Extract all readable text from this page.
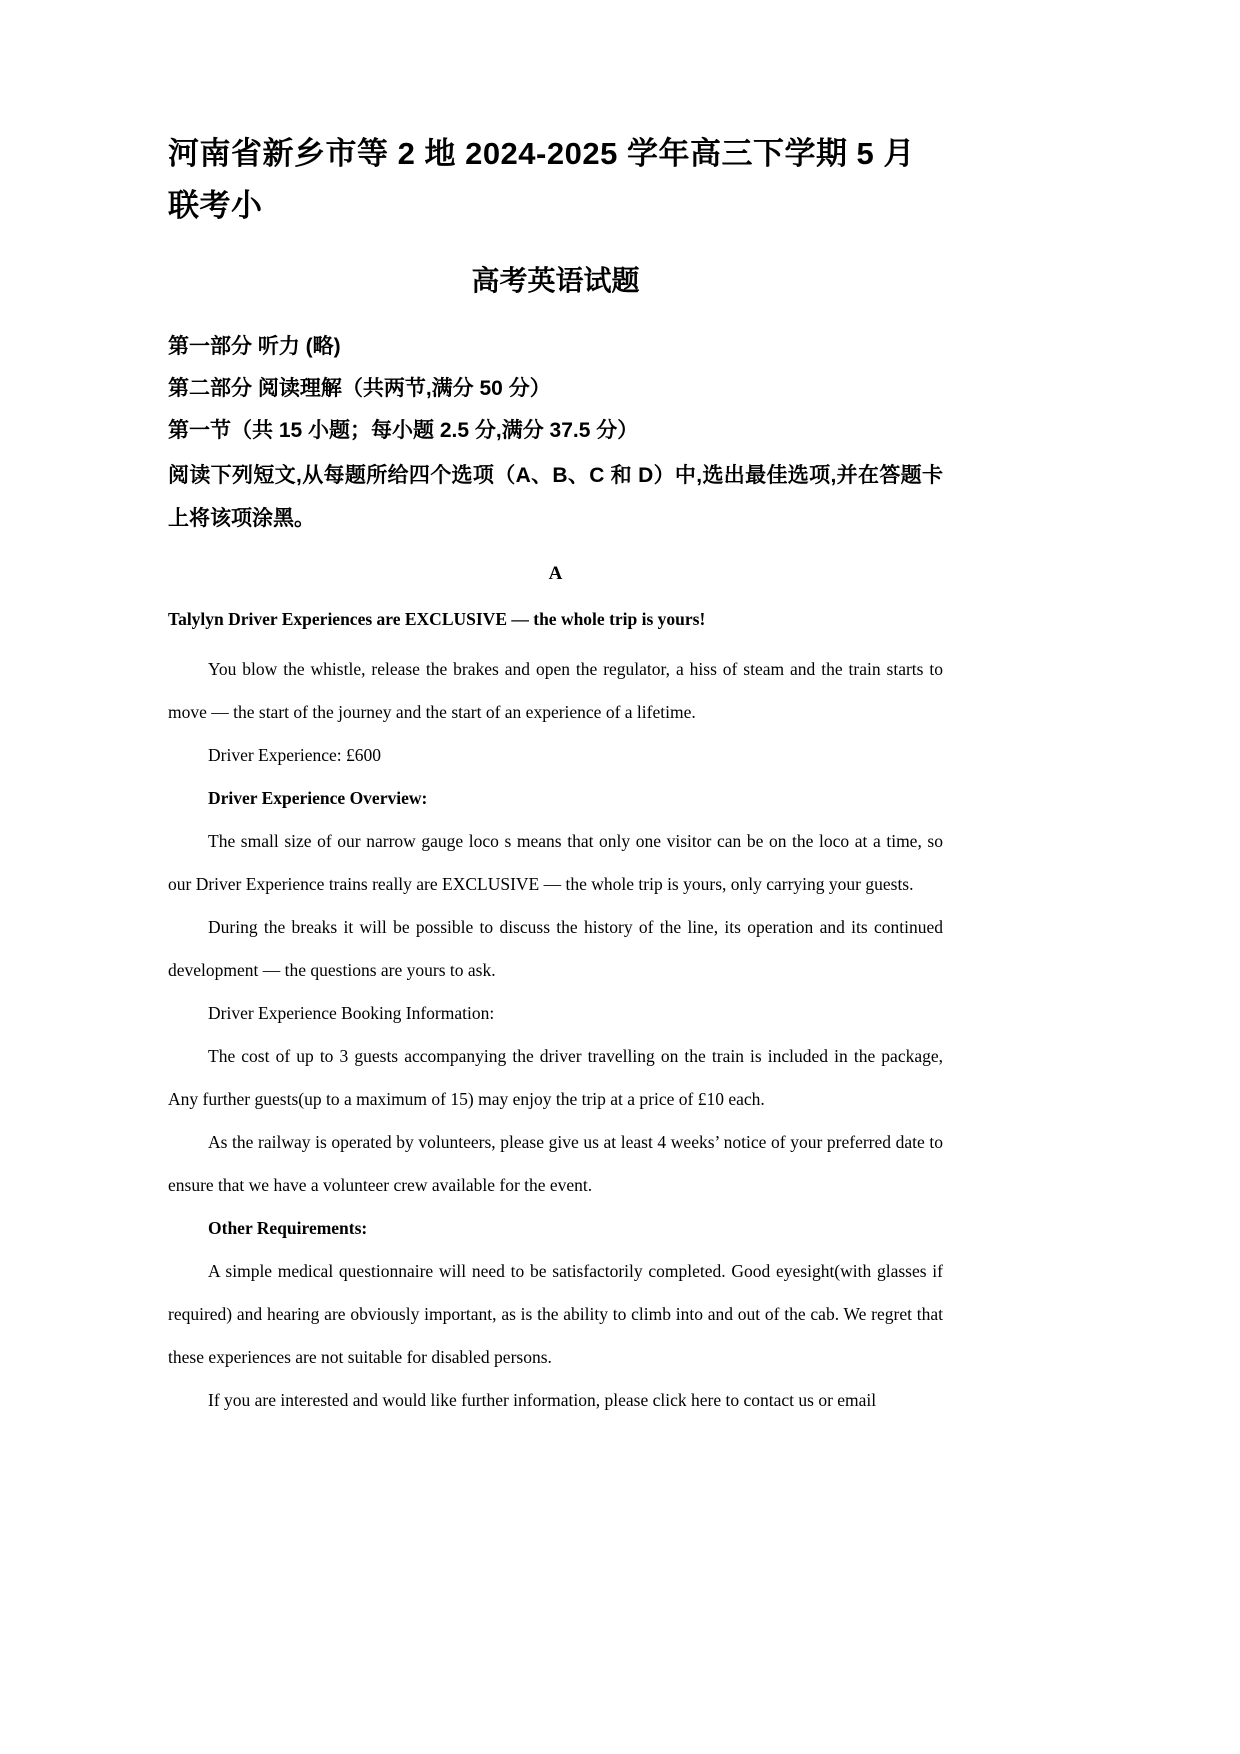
河南省新乡市等 2 地 2024-2025 学年高三下学期 5 月联考小
高考英语试题

第一部分 听力 (略)

第二部分 阅读理解（共两节,满分 50 分）

第一节（共 15 小题；每小题 2.5 分,满分 37.5 分）

阅读下列短文,从每题所给四个选项（A、B、C 和 D）中,选出最佳选项,并在答题卡上将该项涂黑。

A
Talylyn Driver Experiences are EXCLUSIVE — the whole trip is yours!

You blow the whistle, release the brakes and open the regulator, a hiss of steam and the train starts to move — the start of the journey and the start of an experience of a lifetime.

Driver Experience: £600

Driver Experience Overview:

The small size of our narrow gauge loco s means that only one visitor can be on the loco at a time, so our Driver Experience trains really are EXCLUSIVE — the whole trip is yours, only carrying your guests.

During the breaks it will be possible to discuss the history of the line, its operation and its continued development — the questions are yours to ask.

Driver Experience Booking Information:

The cost of up to 3 guests accompanying the driver travelling on the train is included in the package, Any further guests(up to a maximum of 15) may enjoy the trip at a price of £10 each.

As the railway is operated by volunteers, please give us at least 4 weeks’ notice of your preferred date to ensure that we have a volunteer crew available for the event.

Other Requirements:

A simple medical questionnaire will need to be satisfactorily completed. Good eyesight(with glasses if required) and hearing are obviously important, as is the ability to climb into and out of the cab. We regret that these experiences are not suitable for disabled persons.

If you are interested and would like further information, please click here to contact us or email
